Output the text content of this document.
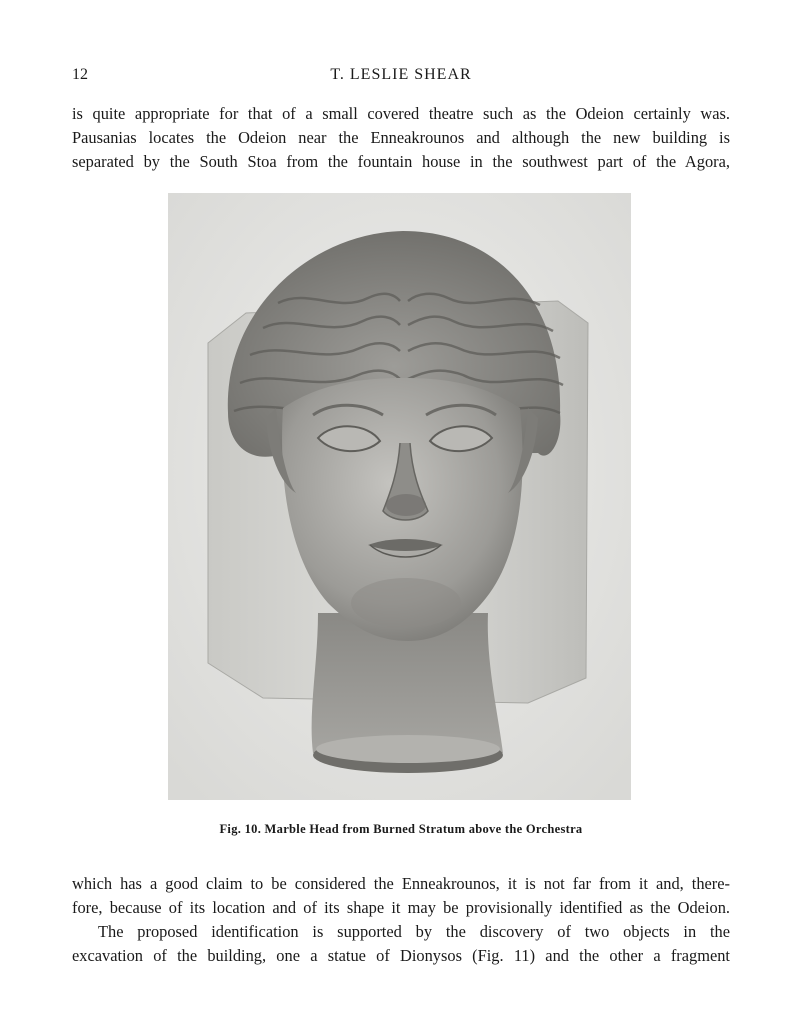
12	T. LESLIE SHEAR

is quite appropriate for that of a small covered theatre such as the Odeion certainly was.
Pausanias locates the Odeion near the Enneakrounos and although the new building is
separated by the South Stoa from the fountain house in the southwest part of the Agora,

Fig. 10. Marble Head from Burned Stratum above the Orchestra

which has a good claim to be considered the Enneakrounos, it is not far from it and, there-
fore, because of its location and of its shape it may be provisionally identified as the Odeion.
The proposed identification is supported by the discovery of two objects in the
excavation of the building, one a statue of Dionysos (Fig. 11) and the other a fragment
